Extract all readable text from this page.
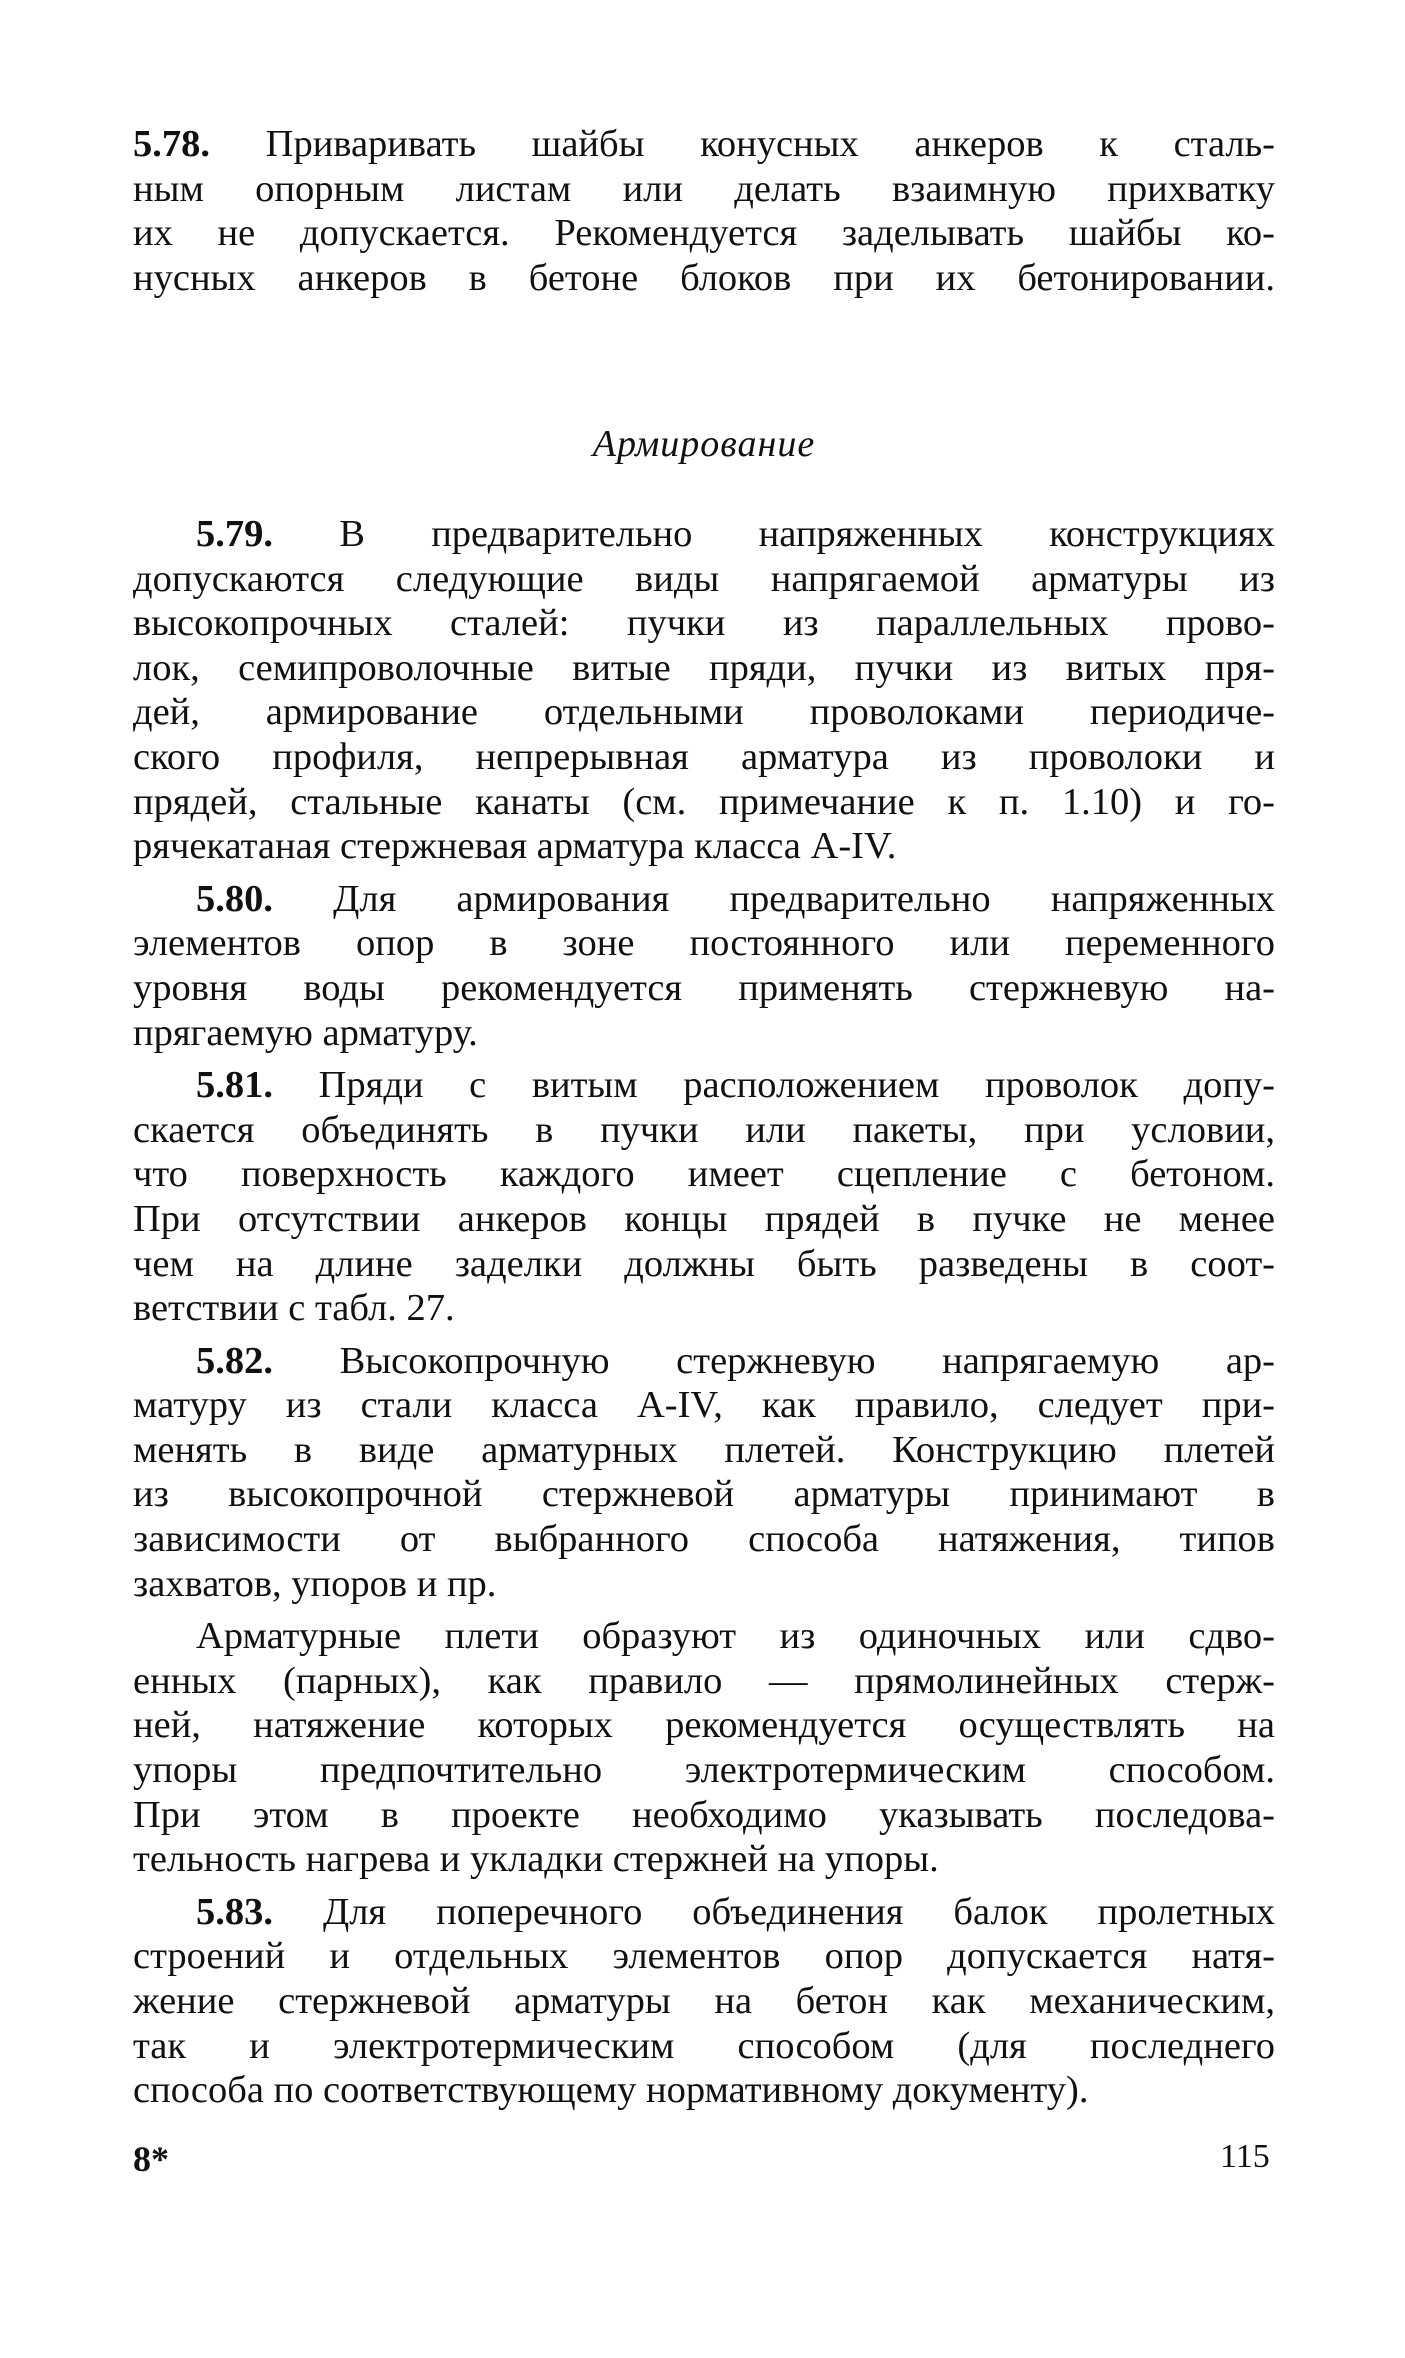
5.78. Приваривать шайбы конусных анкеров к сталь-
ным опорным листам или делать взаимную прихватку
их не допускается. Рекомендуется заделывать шайбы ко-
нусных анкеров в бетоне блоков при их бетонировании.
Армирование
5.79. В предварительно напряженных конструкциях
допускаются следующие виды напрягаемой арматуры из
высокопрочных сталей: пучки из параллельных прово-
лок, семипроволочные витые пряди, пучки из витых пря-
дей, армирование отдельными проволоками периодиче-
ского профиля, непрерывная арматура из проволоки и
прядей, стальные канаты (см. примечание к п. 1.10) и го-
рячекатаная стержневая арматура класса A-IV.
5.80. Для армирования предварительно напряженных
элементов опор в зоне постоянного или переменного
уровня воды рекомендуется применять стержневую на-
прягаемую арматуру.
5.81. Пряди с витым расположением проволок допу-
скается объединять в пучки или пакеты, при условии,
что поверхность каждого имеет сцепление с бетоном.
При отсутствии анкеров концы прядей в пучке не менее
чем на длине заделки должны быть разведены в соот-
ветствии с табл. 27.
5.82. Высокопрочную стержневую напрягаемую ар-
матуру из стали класса A-IV, как правило, следует при-
менять в виде арматурных плетей. Конструкцию плетей
из высокопрочной стержневой арматуры принимают в
зависимости от выбранного способа натяжения, типов
захватов, упоров и пр.
Арматурные плети образуют из одиночных или сдво-
енных (парных), как правило — прямолинейных стерж-
ней, натяжение которых рекомендуется осуществлять на
упоры предпочтительно электротермическим способом.
При этом в проекте необходимо указывать последова-
тельность нагрева и укладки стержней на упоры.
5.83. Для поперечного объединения балок пролетных
строений и отдельных элементов опор допускается натя-
жение стержневой арматуры на бетон как механическим,
так и электротермическим способом (для последнего
способа по соответствующему нормативному документу).
8*	115
